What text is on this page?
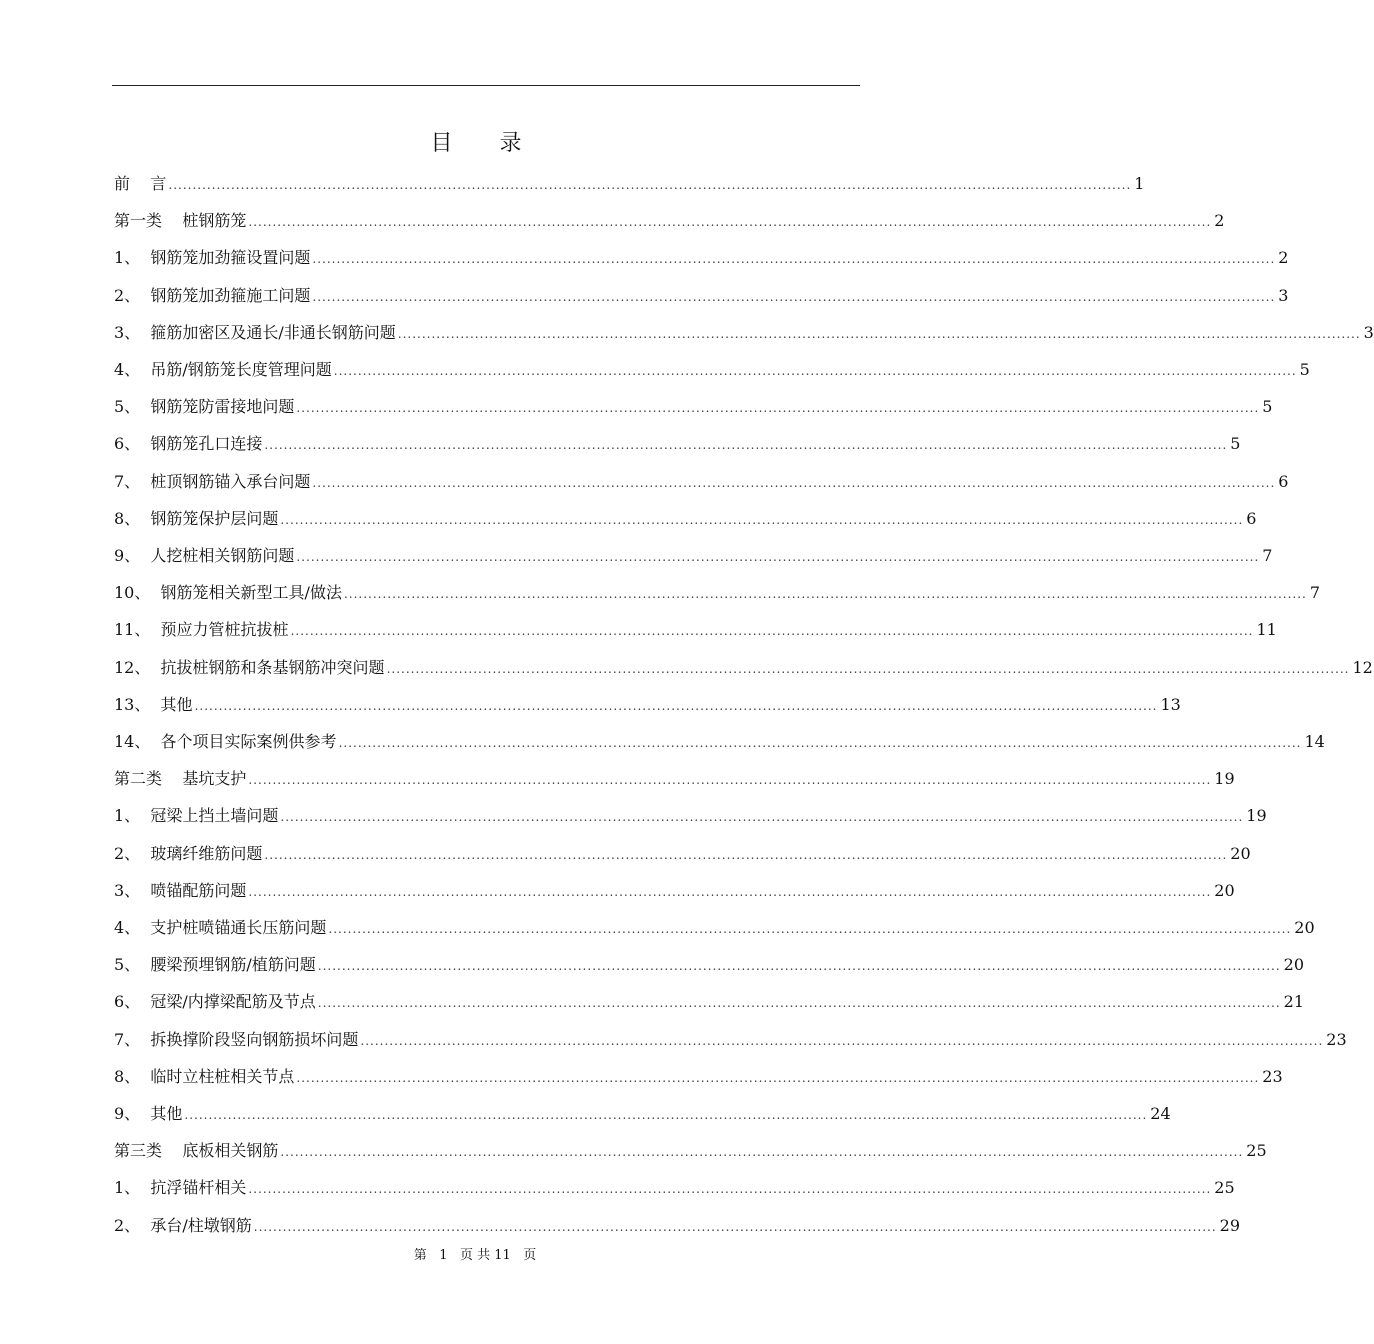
目 录
前 言 ........................................................................................................................................................................................................ 1
第一类 桩钢筋笼 ........................................................................................................................................................................................................ 2
1、 钢筋笼加劲箍设置问题 ........................................................................................................................................................................................................ 2
2、 钢筋笼加劲箍施工问题 ........................................................................................................................................................................................................ 3
3、 箍筋加密区及通长/非通长钢筋问题 ........................................................................................................................................................................................................ 3
4、 吊筋/钢筋笼长度管理问题 ........................................................................................................................................................................................................ 5
5、 钢筋笼防雷接地问题 ........................................................................................................................................................................................................ 5
6、 钢筋笼孔口连接 ........................................................................................................................................................................................................ 5
7、 桩顶钢筋锚入承台问题 ........................................................................................................................................................................................................ 6
8、 钢筋笼保护层问题 ........................................................................................................................................................................................................ 6
9、 人挖桩相关钢筋问题 ........................................................................................................................................................................................................ 7
10、 钢筋笼相关新型工具/做法 ........................................................................................................................................................................................................ 7
11、 预应力管桩抗拔桩 ........................................................................................................................................................................................................ 11
12、 抗拔桩钢筋和条基钢筋冲突问题 ........................................................................................................................................................................................................ 12
13、 其他 ........................................................................................................................................................................................................ 13
14、 各个项目实际案例供参考 ........................................................................................................................................................................................................ 14
第二类 基坑支护 ........................................................................................................................................................................................................ 19
1、 冠梁上挡土墙问题 ........................................................................................................................................................................................................ 19
2、 玻璃纤维筋问题 ........................................................................................................................................................................................................ 20
3、 喷锚配筋问题 ........................................................................................................................................................................................................ 20
4、 支护桩喷锚通长压筋问题 ........................................................................................................................................................................................................ 20
5、 腰梁预埋钢筋/植筋问题 ........................................................................................................................................................................................................ 20
6、 冠梁/内撑梁配筋及节点 ........................................................................................................................................................................................................ 21
7、 拆换撑阶段竖向钢筋损坏问题 ........................................................................................................................................................................................................ 23
8、 临时立柱桩相关节点 ........................................................................................................................................................................................................ 23
9、 其他 ........................................................................................................................................................................................................ 24
第三类 底板相关钢筋 ........................................................................................................................................................................................................ 25
1、 抗浮锚杆相关 ........................................................................................................................................................................................................ 25
2、 承台/柱墩钢筋 ........................................................................................................................................................................................................ 29
第 1 页 共 11 页
